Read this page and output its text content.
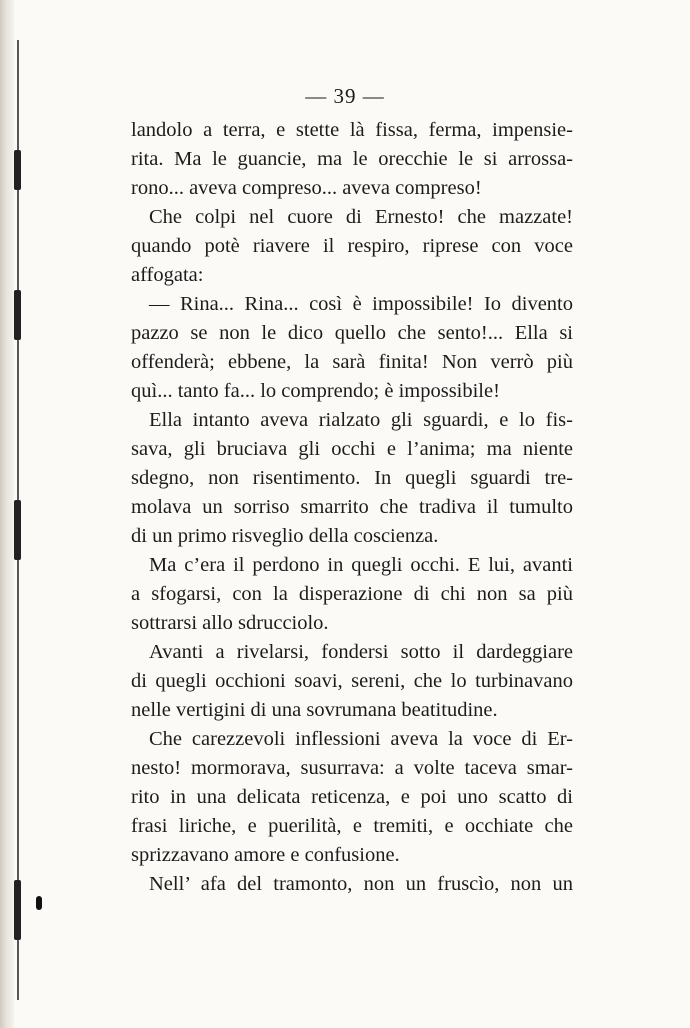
— 39 —
landolo a terra, e stette là fissa, ferma, impensie-
rita. Ma le guancie, ma le orecchie le si arrossa-
rono... aveva compreso... aveva compreso!
Che colpi nel cuore di Ernesto! che mazzate!
quando potè riavere il respiro, riprese con voce
affogata:
— Rina... Rina... così è impossibile! Io divento
pazzo se non le dico quello che sento!... Ella si
offenderà; ebbene, la sarà finita! Non verrò più
quì... tanto fa... lo comprendo; è impossibile!
Ella intanto aveva rialzato gli sguardi, e lo fis-
sava, gli bruciava gli occhi e l’anima; ma niente
sdegno, non risentimento. In quegli sguardi tre-
molava un sorriso smarrito che tradiva il tumulto
di un primo risveglio della coscienza.
Ma c’era il perdono in quegli occhi. E lui, avanti
a sfogarsi, con la disperazione di chi non sa più
sottrarsi allo sdrucciolo.
Avanti a rivelarsi, fondersi sotto il dardeggiare
di quegli occhioni soavi, sereni, che lo turbinavano
nelle vertigini di una sovrumana beatitudine.
Che carezzevoli inflessioni aveva la voce di Er-
nesto! mormorava, susurrava: a volte taceva smar-
rito in una delicata reticenza, e poi uno scatto di
frasi liriche, e puerilità, e tremiti, e occhiate che
sprizzavano amore e confusione.
Nell’ afa del tramonto, non un fruscìo, non un
